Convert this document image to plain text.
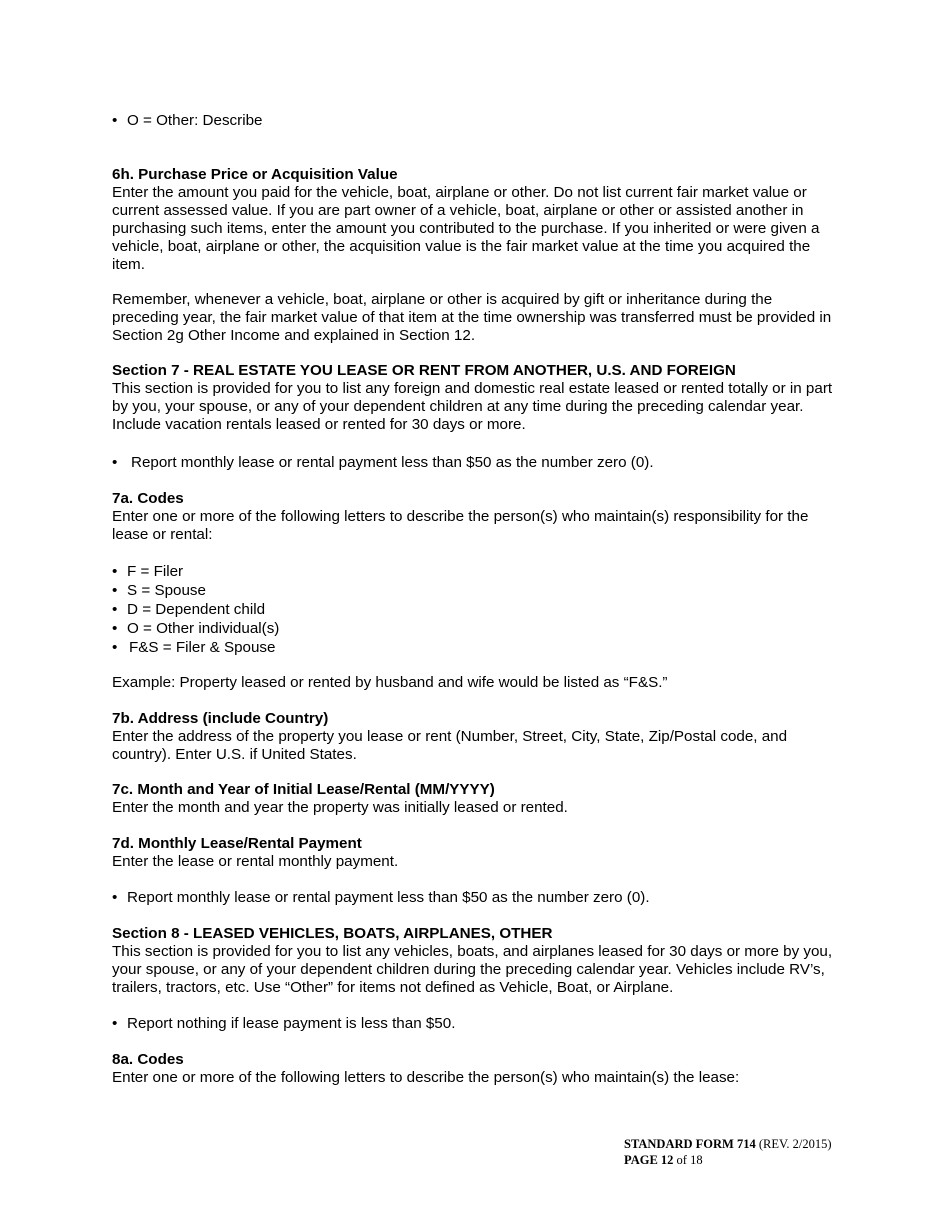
• O = Other: Describe
6h. Purchase Price or Acquisition Value

Enter the amount you paid for the vehicle, boat, airplane or other. Do not list current fair market value or current assessed value. If you are part owner of a vehicle, boat, airplane or other or assisted another in purchasing such items, enter the amount you contributed to the purchase. If you inherited or were given a vehicle, boat, airplane or other, the acquisition value is the fair market value at the time you acquired the item.

Remember, whenever a vehicle, boat, airplane or other is acquired by gift or inheritance during the preceding year, the fair market value of that item at the time ownership was transferred must be provided in Section 2g Other Income and explained in Section 12.

Section 7 - REAL ESTATE YOU LEASE OR RENT FROM ANOTHER, U.S. AND FOREIGN

This section is provided for you to list any foreign and domestic real estate leased or rented totally or in part by you, your spouse, or any of your dependent children at any time during the preceding calendar year. Include vacation rentals leased or rented for 30 days or more.

• Report monthly lease or rental payment less than $50 as the number zero (0).
7a. Codes

Enter one or more of the following letters to describe the person(s) who maintain(s) responsibility for the lease or rental:

• F = Filer
• S = Spouse
• D = Dependent child
• O = Other individual(s)
• F&S = Filer & Spouse

Example: Property leased or rented by husband and wife would be listed as “F&S.”

7b. Address (include Country)

Enter the address of the property you lease or rent (Number, Street, City, State, Zip/Postal code, and country). Enter U.S. if United States.

7c. Month and Year of Initial Lease/Rental (MM/YYYY)

Enter the month and year the property was initially leased or rented.

7d. Monthly Lease/Rental Payment

Enter the lease or rental monthly payment.

• Report monthly lease or rental payment less than $50 as the number zero (0).
Section 8 - LEASED VEHICLES, BOATS, AIRPLANES, OTHER

This section is provided for you to list any vehicles, boats, and airplanes leased for 30 days or more by you, your spouse, or any of your dependent children during the preceding calendar year. Vehicles include RV’s, trailers, tractors, etc. Use “Other” for items not defined as Vehicle, Boat, or Airplane.

• Report nothing if lease payment is less than $50.
8a. Codes

Enter one or more of the following letters to describe the person(s) who maintain(s) the lease:

STANDARD FORM 714 (REV. 2/2015)
PAGE 12 of 18
